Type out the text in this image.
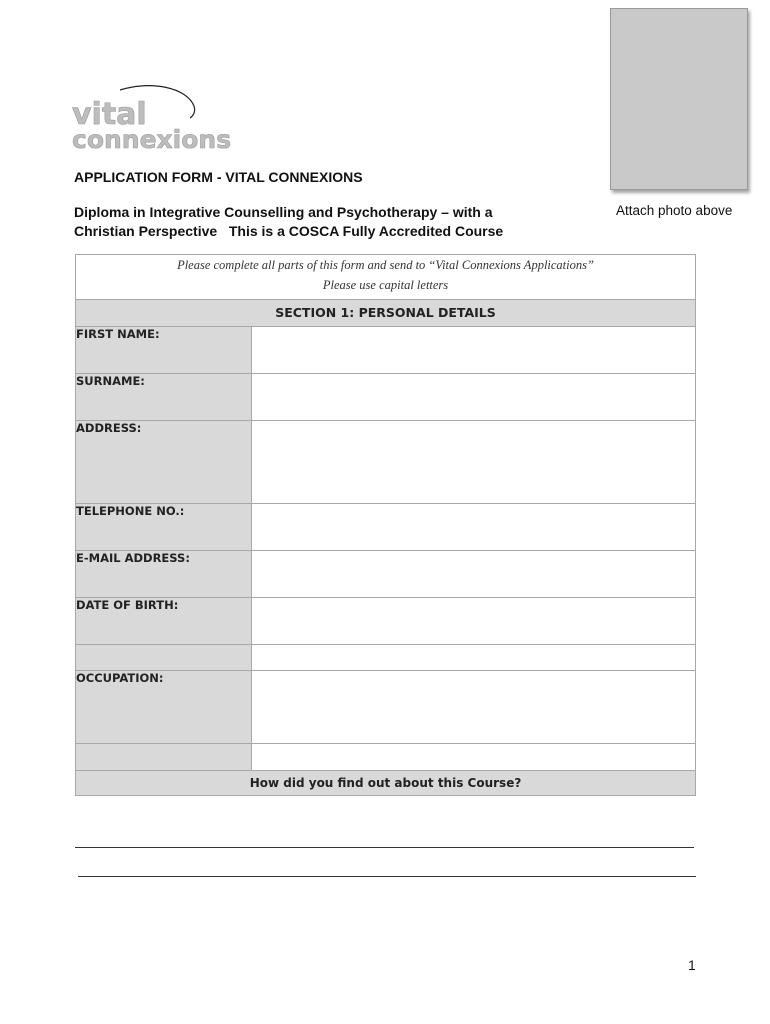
vital
connexions
Attach photo above
APPLICATION FORM - VITAL CONNEXIONS
Diploma in Integrative Counselling and Psychotherapy – with a
Christian Perspective   This is a COSCA Fully Accredited Course
Please complete all parts of this form and send to “Vital Connexions Applications”
Please use capital letters	

SECTION 1: PERSONAL DETAILS	
FIRST NAME:	
SURNAME:	
ADDRESS:	
TELEPHONE NO.:	
E-MAIL ADDRESS:	
DATE OF BIRTH:	

OCCUPATION:	

How did you find out about this Course?	
1
